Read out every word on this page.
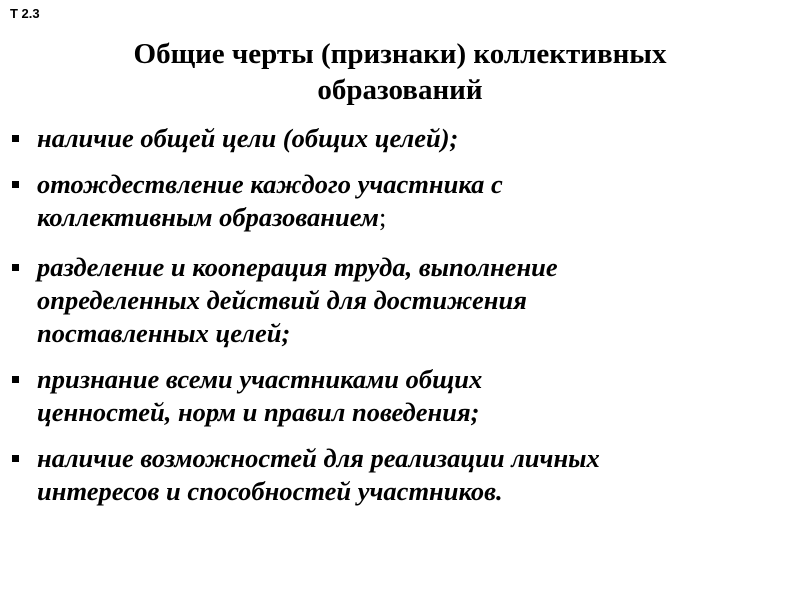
Т 2.3
Общие черты (признаки) коллективных
образований
наличие общей цели (общих целей);
отождествление каждого участника с
коллективным образованием;
разделение и кооперация труда, выполнение
определенных действий для достижения
поставленных целей;
признание всеми участниками общих
ценностей, норм и правил поведения;
наличие возможностей для реализации личных
интересов и способностей участников.
